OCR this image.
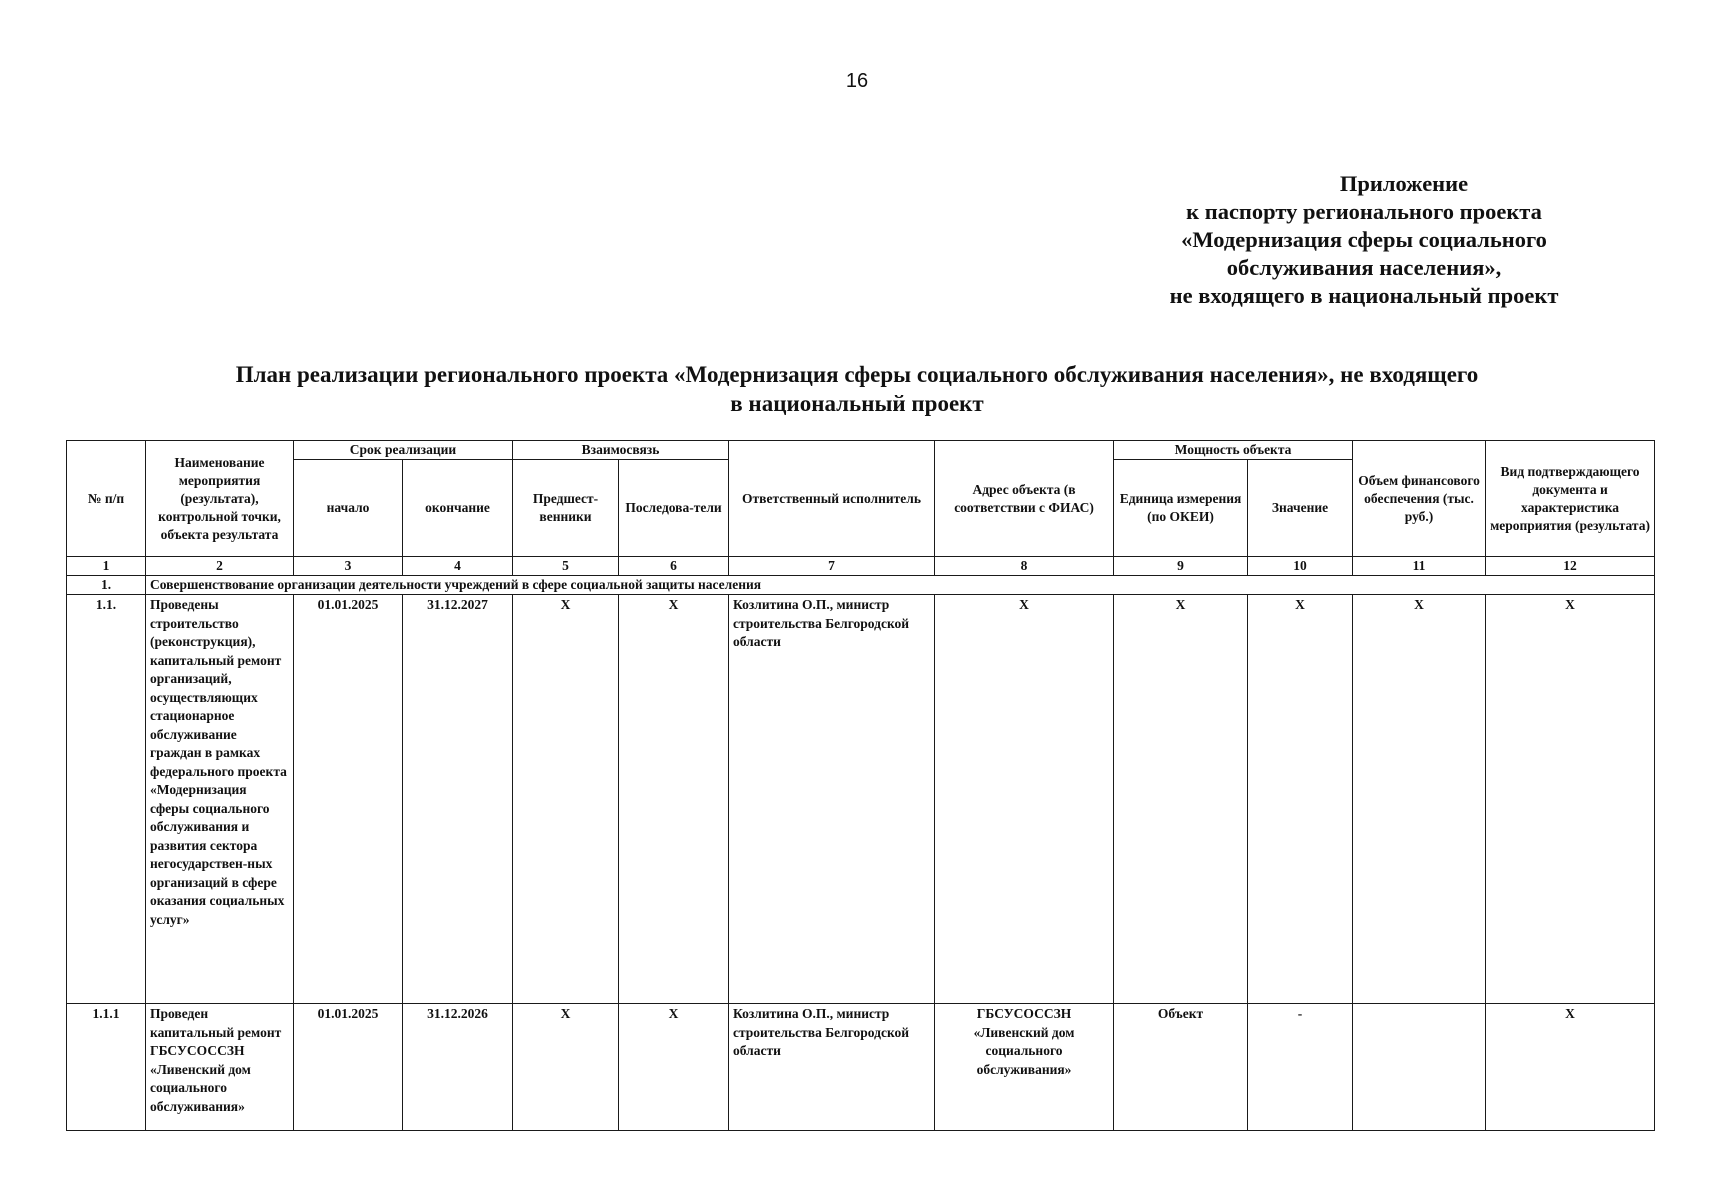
16
Приложение
к паспорту регионального проекта
«Модернизация сферы социального
обслуживания населения»,
не входящего в национальный проект
План реализации регионального проекта «Модернизация сферы социального обслуживания населения», не входящего
в национальный проект
№ п/п	Наименование мероприятия (результата), контрольной точки, объекта результата	Срок реализации		Взаимосвязь		Ответственный исполнитель	Адрес объекта (в соответствии с ФИАС)	Мощность объекта		Объем финансового обеспечения (тыс. руб.)	Вид подтверждающего документа и характеристика мероприятия (результата)
		начало	окончание	Предшест-венники	Последова-тели			Единица измерения (по ОКЕИ)	Значение		
1	2	3	4	5	6	7	8	9	10	11	12
1.	Совершенствование организации деятельности учреждений в сфере социальной защиты населения										
1.1.	Проведены строительство (реконструкция), капитальный ремонт организаций, осуществляющих стационарное обслуживание граждан в рамках федерального проекта «Модернизация сферы социального обслуживания и развития сектора негосударствен-ных организаций в сфере оказания социальных услуг»	01.01.2025	31.12.2027	X	X	Козлитина О.П., министр строительства Белгородской области	X	X	X	X	X
1.1.1	Проведен капитальный ремонт ГБСУСОССЗН «Ливенский дом социального обслуживания»	01.01.2025	31.12.2026	X	X	Козлитина О.П., министр строительства Белгородской области	ГБСУСОССЗН «Ливенский дом социального обслуживания»	Объект	-		X
